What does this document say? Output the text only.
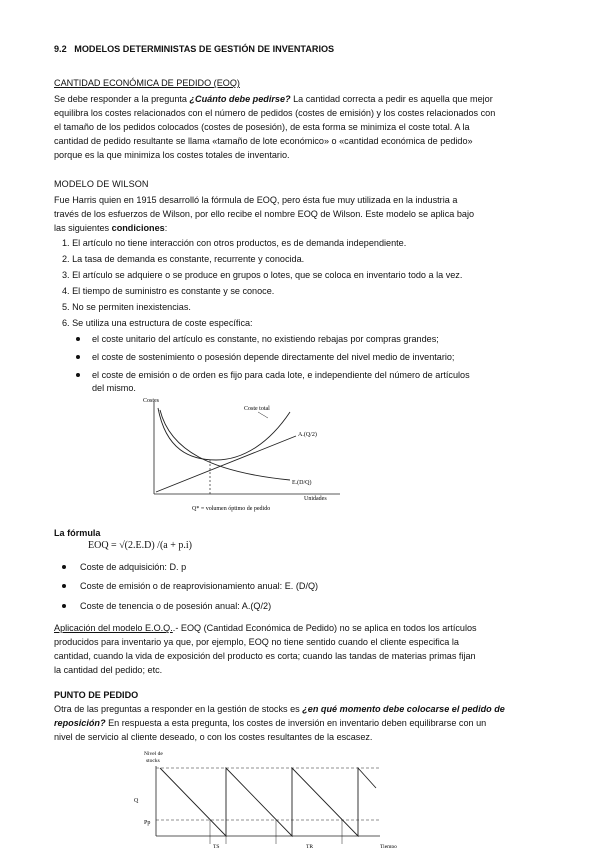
9.2 MODELOS DETERMINISTAS DE GESTIÓN DE INVENTARIOS
CANTIDAD ECONÓMICA DE PEDIDO (EOQ)
Se debe responder a la pregunta ¿Cuánto debe pedirse? La cantidad correcta a pedir es aquella que mejor
equilibra los costes relacionados con el número de pedidos (costes de emisión) y los costes relacionados con
el tamaño de los pedidos colocados (costes de posesión), de esta forma se minimiza el coste total. A la
cantidad de pedido resultante se llama «tamaño de lote económico» o «cantidad económica de pedido»
porque es la que minimiza los costes totales de inventario.
MODELO DE WILSON
Fue Harris quien en 1915 desarrolló la fórmula de EOQ, pero ésta fue muy utilizada en la industria a
través de los esfuerzos de Wilson, por ello recibe el nombre EOQ de Wilson. Este modelo se aplica bajo
las siguientes condiciones:
1. El artículo no tiene interacción con otros productos, es de demanda independiente.
2. La tasa de demanda es constante, recurrente y conocida.
3. El artículo se adquiere o se produce en grupos o lotes, que se coloca en inventario todo a la vez.
4. El tiempo de suministro es constante y se conoce.
5. No se permiten inexistencias.
6. Se utiliza una estructura de coste específica:
el coste unitario del artículo es constante, no existiendo rebajas por compras grandes;
el coste de sostenimiento o posesión depende directamente del nivel medio de inventario;
el coste de emisión o de orden es fijo para cada lote, e independiente del número de artículos
del mismo.
Costes
Coste total
A.(Q/2)
E.(D/Q)
Unidades
Q* = volumen óptimo de pedido
La fórmula
EOQ = √(2.E.D) /(a + p.i)
Coste de adquisición: D. p
Coste de emisión o de reaprovisionamiento anual: E. (D/Q)
Coste de tenencia o de posesión anual: A.(Q/2)
Aplicación del modelo E.O.Q..- EOQ (Cantidad Económica de Pedido) no se aplica en todos los artículos
producidos para inventario ya que, por ejemplo, EOQ no tiene sentido cuando el cliente especifica la
cantidad, cuando la vida de exposición del producto es corta; cuando las tandas de materias primas fijan
la cantidad del pedido; etc.
PUNTO DE PEDIDO
Otra de las preguntas a responder en la gestión de stocks es ¿en qué momento debe colocarse el pedido de
reposición? En respuesta a esta pregunta, los costes de inversión en inventario deben equilibrarse con un
nivel de servicio al cliente deseado, o con los costes resultantes de la escasez.
Nivel de
stocks
Q
Pp
TS	TR	Tiempo
